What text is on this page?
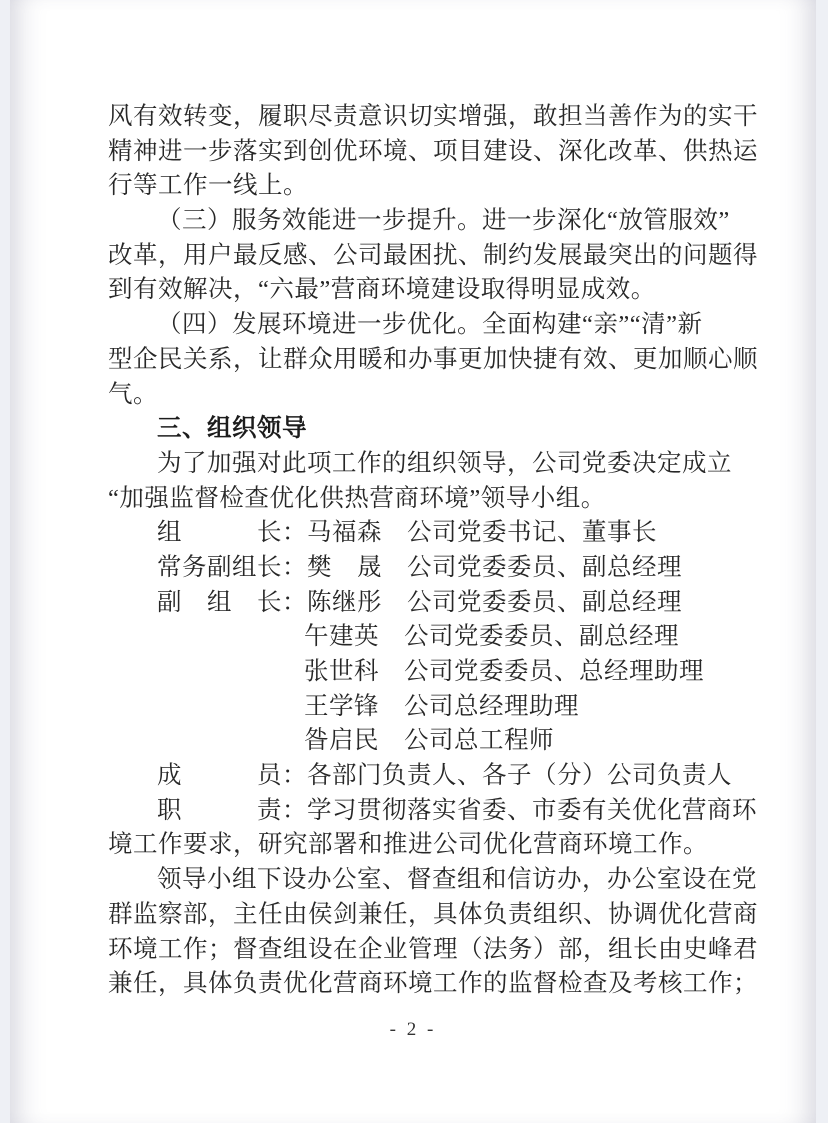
风有效转变，履职尽责意识切实增强，敢担当善作为的实干
精神进一步落实到创优环境、项目建设、深化改革、供热运
行等工作一线上。
（三）服务效能进一步提升。进一步深化“放管服效”
改革，用户最反感、公司最困扰、制约发展最突出的问题得
到有效解决，“六最”营商环境建设取得明显成效。
（四）发展环境进一步优化。全面构建“亲”“清”新
型企民关系，让群众用暖和办事更加快捷有效、更加顺心顺
气。
三、组织领导
为了加强对此项工作的组织领导，公司党委决定成立
“加强监督检查优化供热营商环境”领导小组。
组　　　长：马福森　公司党委书记、董事长
常务副组长：樊　晟　公司党委委员、副总经理
副　组　长：陈继彤　公司党委委员、副总经理
午建英　公司党委委员、副总经理
张世科　公司党委委员、总经理助理
王学锋　公司总经理助理
昝启民　公司总工程师
成　　　员：各部门负责人、各子（分）公司负责人
职　　　责：学习贯彻落实省委、市委有关优化营商环
境工作要求，研究部署和推进公司优化营商环境工作。
领导小组下设办公室、督查组和信访办，办公室设在党
群监察部，主任由侯剑兼任，具体负责组织、协调优化营商
环境工作；督查组设在企业管理（法务）部，组长由史峰君
兼任，具体负责优化营商环境工作的监督检查及考核工作；
- 2 -
